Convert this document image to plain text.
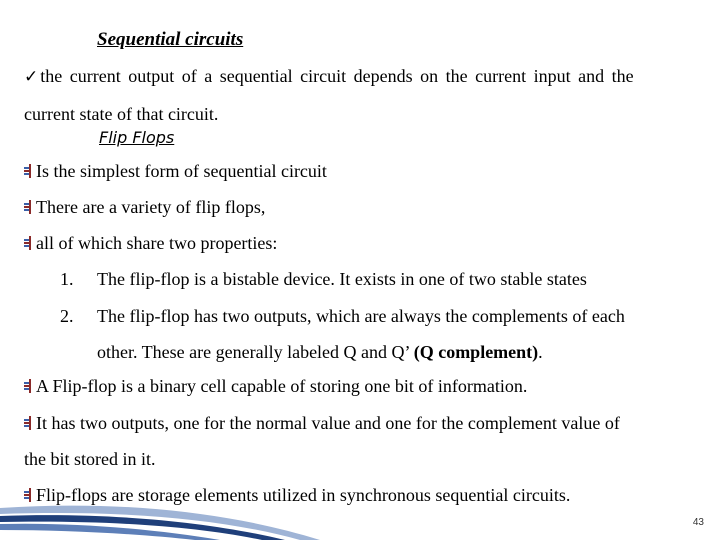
Sequential circuits
✓ the current output of a sequential circuit depends on the current input and the
current state of that circuit.
Flip Flops
Is the simplest form of sequential circuit
There are a variety of flip flops,
all of which share two properties:
1. The flip-flop is a bistable device. It exists in one of two stable states
2. The flip-flop has two outputs, which are always the complements of each
other. These are generally labeled Q and Q’ (Q complement).
A Flip-flop is a binary cell capable of storing one bit of information.
It has two outputs, one for the normal value and one for the complement value of
the bit stored in it.
Flip-flops are storage elements utilized in synchronous sequential circuits.
43
